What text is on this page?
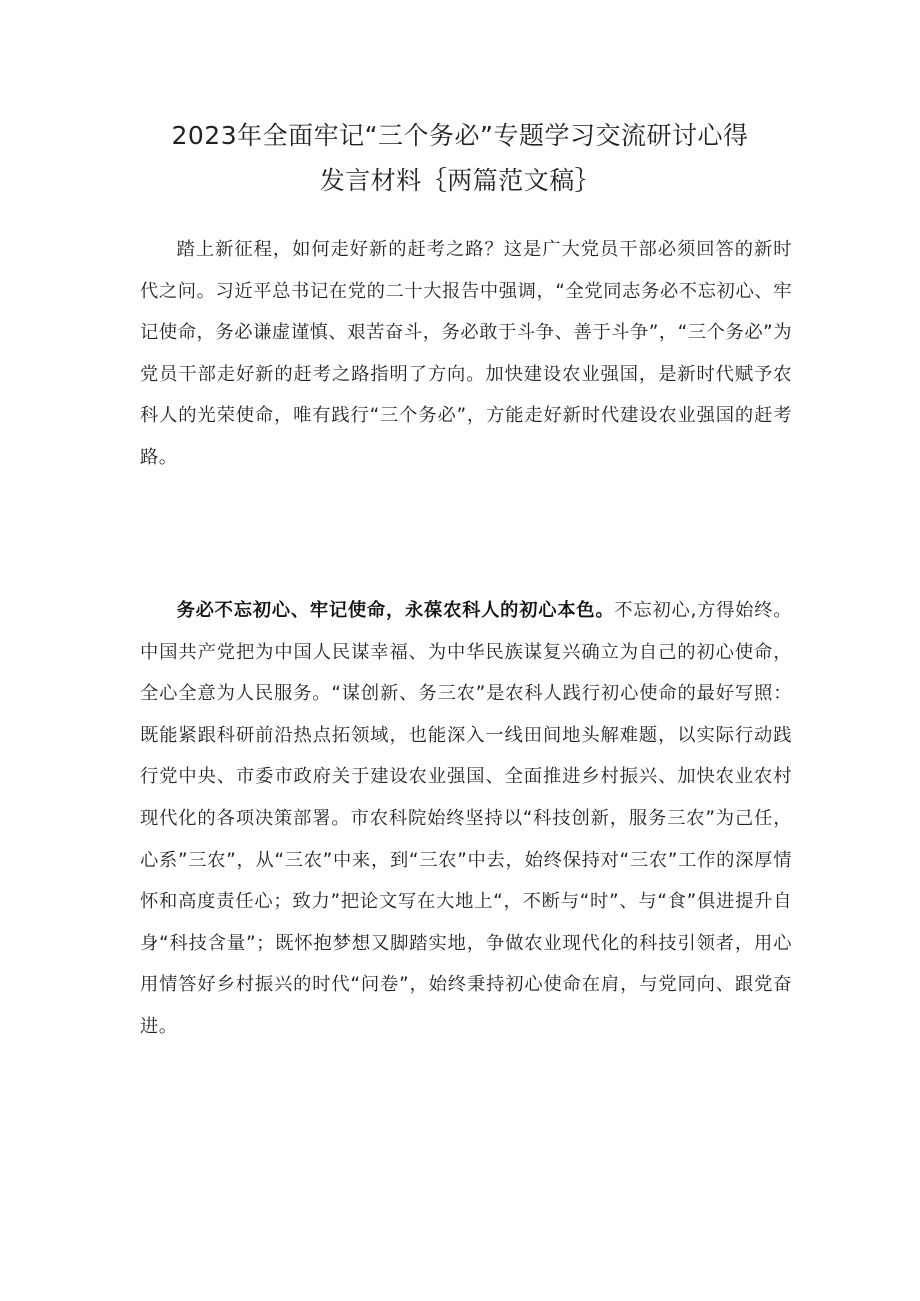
2023年全面牢记“三个务必”专题学习交流研讨心得
发言材料｛两篇范文稿｝

踏上新征程，如何走好新的赶考之路？这是广大党员干部必须回答的新时代之问。习近平总书记在党的二十大报告中强调，“全党同志务必不忘初心、牢记使命，务必谦虚谨慎、艰苦奋斗，务必敢于斗争、善于斗争”，“三个务必”为党员干部走好新的赶考之路指明了方向。加快建设农业强国，是新时代赋予农科人的光荣使命，唯有践行“三个务必”，方能走好新时代建设农业强国的赶考路。

务必不忘初心、牢记使命，永葆农科人的初心本色。不忘初心,方得始终。中国共产党把为中国人民谋幸福、为中华民族谋复兴确立为自己的初心使命，全心全意为人民服务。“谋创新、务三农”是农科人践行初心使命的最好写照：既能紧跟科研前沿热点拓领域，也能深入一线田间地头解难题，以实际行动践行党中央、市委市政府关于建设农业强国、全面推进乡村振兴、加快农业农村现代化的各项决策部署。市农科院始终坚持以“科技创新，服务三农”为己任，心系”三农”，从“三农”中来，到“三农”中去，始终保持对“三农”工作的深厚情怀和高度责任心；致力”把论文写在大地上“，不断与“时”、与“食”俱进提升自身“科技含量”；既怀抱梦想又脚踏实地，争做农业现代化的科技引领者，用心用情答好乡村振兴的时代“问卷”，始终秉持初心使命在肩，与党同向、跟党奋进。
